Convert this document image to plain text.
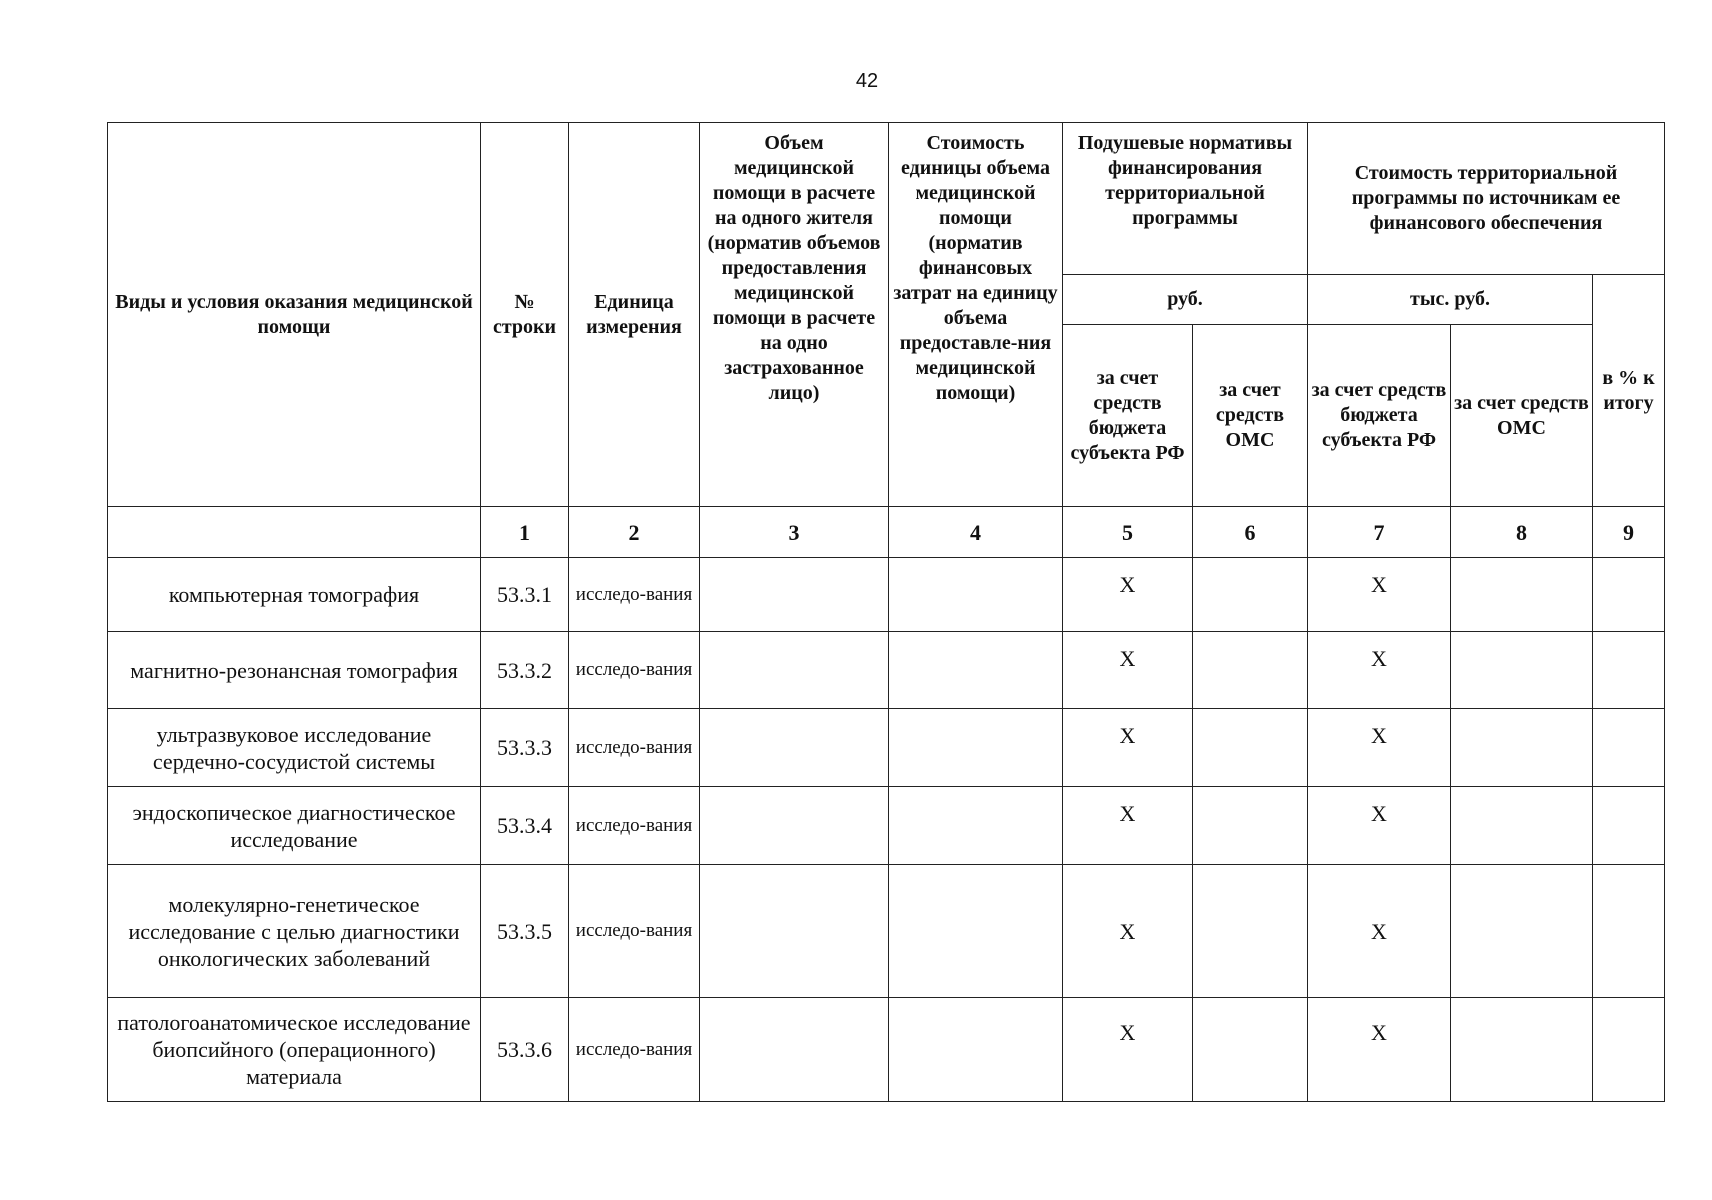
42
Виды и условия оказания медицинской помощи	№ строки	Единица измерения	Объем медицинской помощи в расчете на одного жителя (норматив объемов предоставления медицинской помощи в расчете на одно застрахованное лицо)	Стоимость единицы объема медицинской помощи (норматив финансовых затрат на единицу объема предоставле-ния медицинской помощи)	Подушевые нормативы финансирования территориальной программы		Стоимость территориальной программы по источникам ее финансового обеспечения		
					руб.		тыс. руб.		в % к итогу
					за счет средств бюджета субъекта РФ	за счет средств ОМС	за счет средств бюджета субъекта РФ	за счет средств ОМС	
	1	2	3	4	5	6	7	8	9
компьютерная томография	53.3.1	исследо-вания			Х		Х		
магнитно-резонансная томография	53.3.2	исследо-вания			Х		Х		
ультразвуковое исследование сердечно-сосудистой системы	53.3.3	исследо-вания			Х		Х		
эндоскопическое диагностическое исследование	53.3.4	исследо-вания			Х		Х		
молекулярно-генетическое исследование с целью диагностики онкологических заболеваний	53.3.5	исследо-вания			Х		Х		
патологоанатомическое исследование биопсийного (операционного) материала	53.3.6	исследо-вания			Х		Х		
